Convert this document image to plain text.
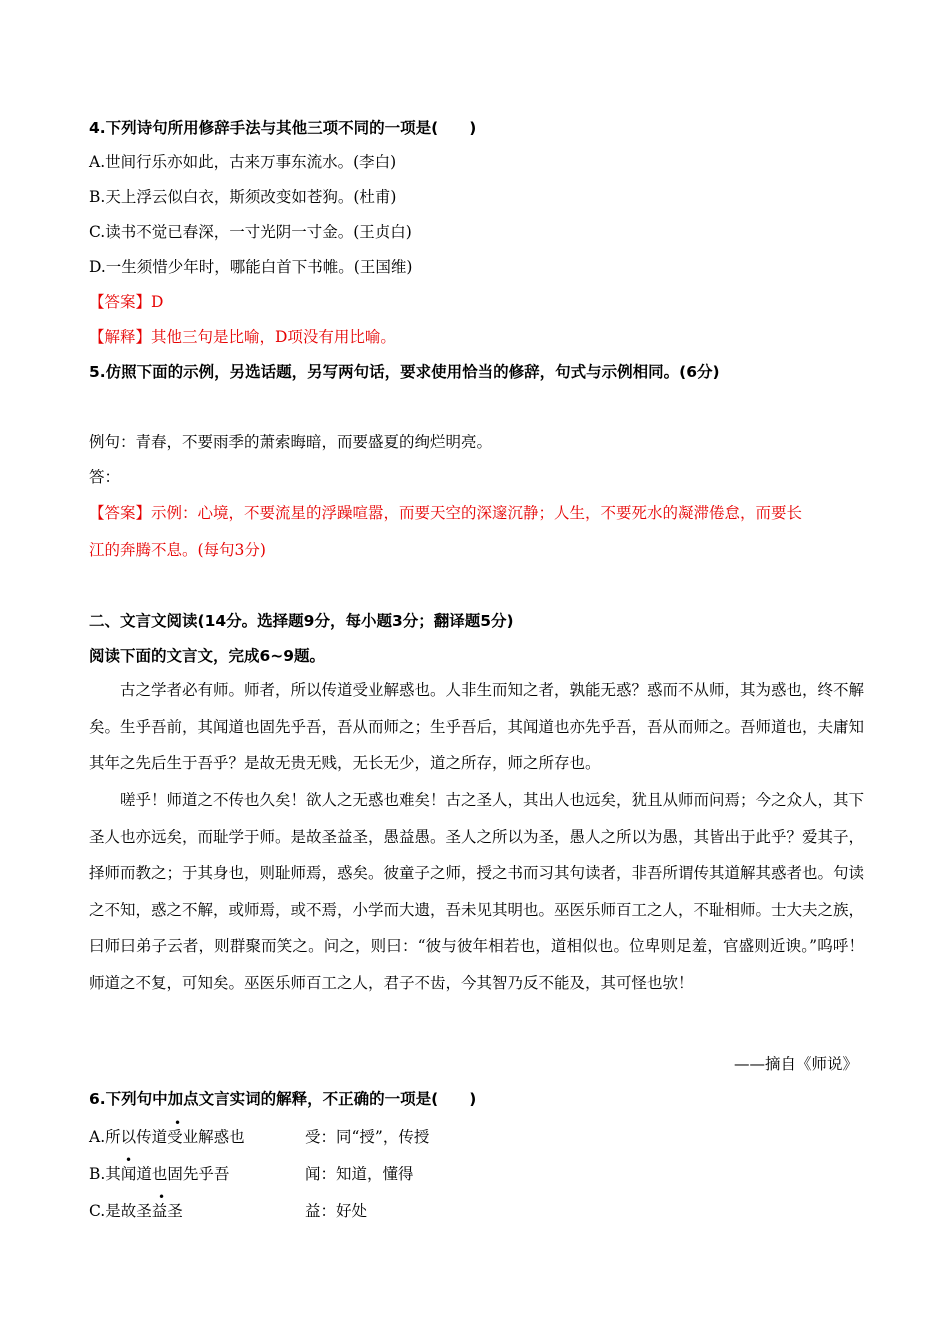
4.下列诗句所用修辞手法与其他三项不同的一项是(　　)
A.世间行乐亦如此，古来万事东流水。(李白)
B.天上浮云似白衣，斯须改变如苍狗。(杜甫)
C.读书不觉已春深，一寸光阴一寸金。(王贞白)
D.一生须惜少年时，哪能白首下书帷。(王国维)
【答案】D
【解释】其他三句是比喻，D项没有用比喻。
5.仿照下面的示例，另选话题，另写两句话，要求使用恰当的修辞，句式与示例相同。(6分)
例句：青春，不要雨季的萧索晦暗，而要盛夏的绚烂明亮。
答：
【答案】示例：心境，不要流星的浮躁喧嚣，而要天空的深邃沉静；人生，不要死水的凝滞倦怠，而要长
江的奔腾不息。(每句3分)
二、文言文阅读(14分。选择题9分，每小题3分；翻译题5分)
阅读下面的文言文，完成6~9题。
古之学者必有师。师者，所以传道受业解惑也。人非生而知之者，孰能无惑？惑而不从师，其为惑也，终不解矣。生乎吾前，其闻道也固先乎吾，吾从而师之；生乎吾后，其闻道也亦先乎吾，吾从而师之。吾师道也，夫庸知其年之先后生于吾乎？是故无贵无贱，无长无少，道之所存，师之所存也。
嗟乎！师道之不传也久矣！欲人之无惑也难矣！古之圣人，其出人也远矣，犹且从师而问焉；今之众人，其下圣人也亦远矣，而耻学于师。是故圣益圣，愚益愚。圣人之所以为圣，愚人之所以为愚，其皆出于此乎？爱其子，择师而教之；于其身也，则耻师焉，惑矣。彼童子之师，授之书而习其句读者，非吾所谓传其道解其惑者也。句读之不知，惑之不解，或师焉，或不焉，小学而大遗，吾未见其明也。巫医乐师百工之人，不耻相师。士大夫之族，曰师曰弟子云者，则群聚而笑之。问之，则曰：“彼与彼年相若也，道相似也。位卑则足羞，官盛则近谀。”呜呼！师道之不复，可知矣。巫医乐师百工之人，君子不齿，今其智乃反不能及，其可怪也欤！
——摘自《师说》
6.下列句中加点文言实词的解释，不正确的一项是(　　)
A.所以传道受业解惑也
•
受：同“授”，传授
B.其闻道也固先乎吾
•
闻：知道，懂得
C.是故圣益圣
•
益：好处
